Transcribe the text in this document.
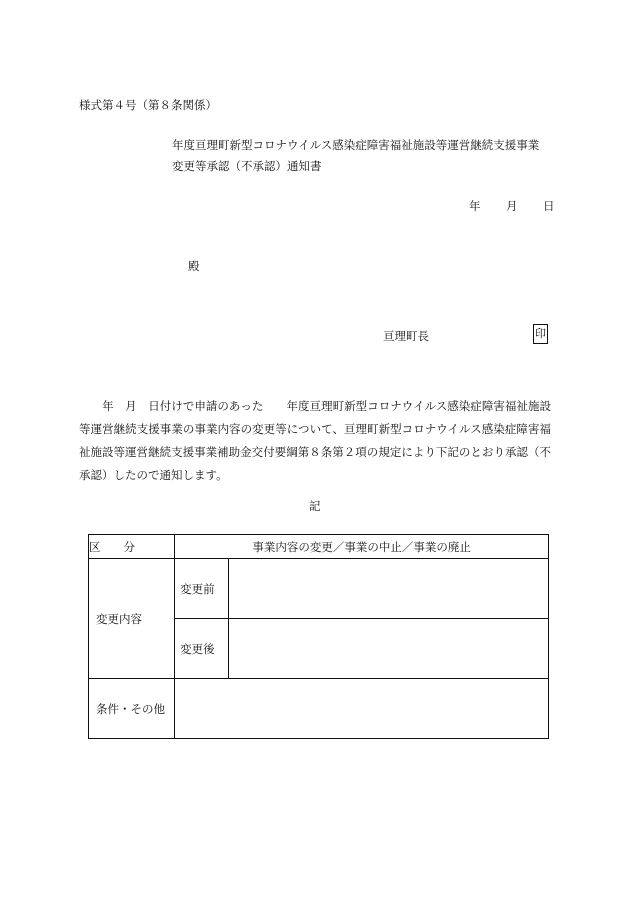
様式第４号（第８条関係）
年度亘理町新型コロナウイルス感染症障害福祉施設等運営継続支援事業
変更等承認（不承認）通知書
年 月 日
殿
亘理町長	印

　　年　月　日付けで申請のあった　　年度亘理町新型コロナウイルス感染症障害福祉施設等運営継続支援事業の事業内容の変更等について、亘理町新型コロナウイルス感染症障害福祉施設等運営継続支援事業補助金交付要綱第８条第２項の規定により下記のとおり承認（不承認）したので通知します。

記
区　　分	事業内容の変更／事業の中止／事業の廃止	
変更内容	変更前	
	変更後	
条件・その他		
